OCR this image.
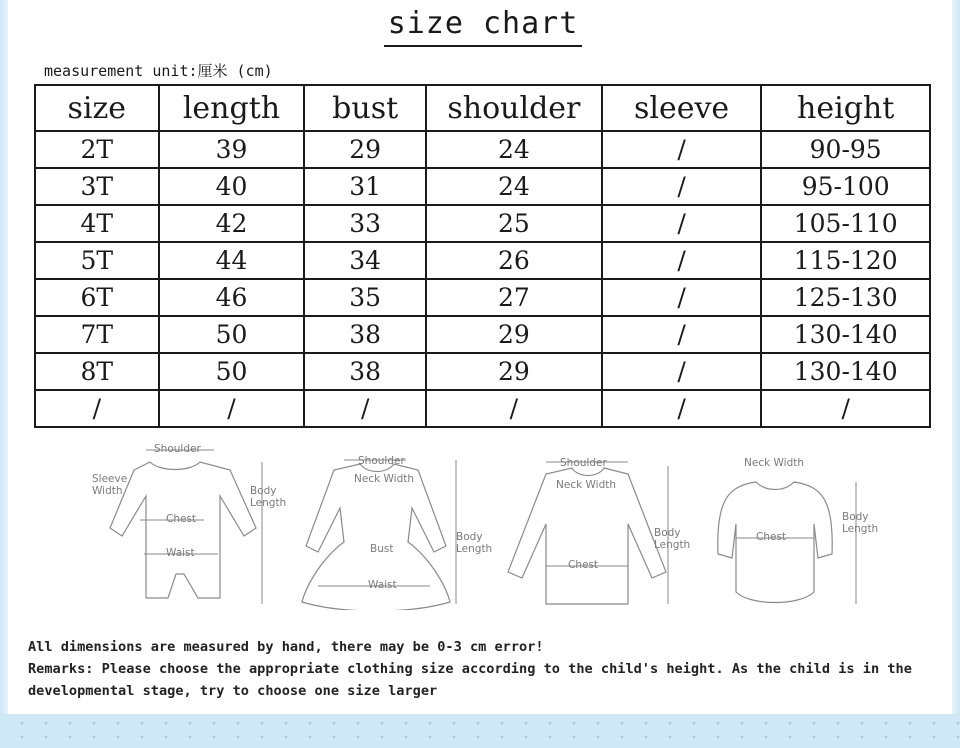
size chart
measurement unit:厘米 (cm)
size	length	bust	shoulder	sleeve	height
2T	39	29	24	/	90-95
3T	40	31	24	/	95-100
4T	42	33	25	/	105-110
5T	44	34	26	/	115-120
6T	46	35	27	/	125-130
7T	50	38	29	/	130-140
8T	50	38	29	/	130-140
/	/	/	/	/	/
Shoulder
Sleeve
Width
Chest
Waist
Body
Length
Shoulder
Neck Width
Bust
Waist
Body
Length
Shoulder
Neck Width
Chest
Body
Length
Neck Width
Chest
Body
Length

All dimensions are measured by hand, there may be 0-3 cm error!

Remarks: Please choose the appropriate clothing size according to the child's height. As the child is in the developmental stage, try to choose one size larger
